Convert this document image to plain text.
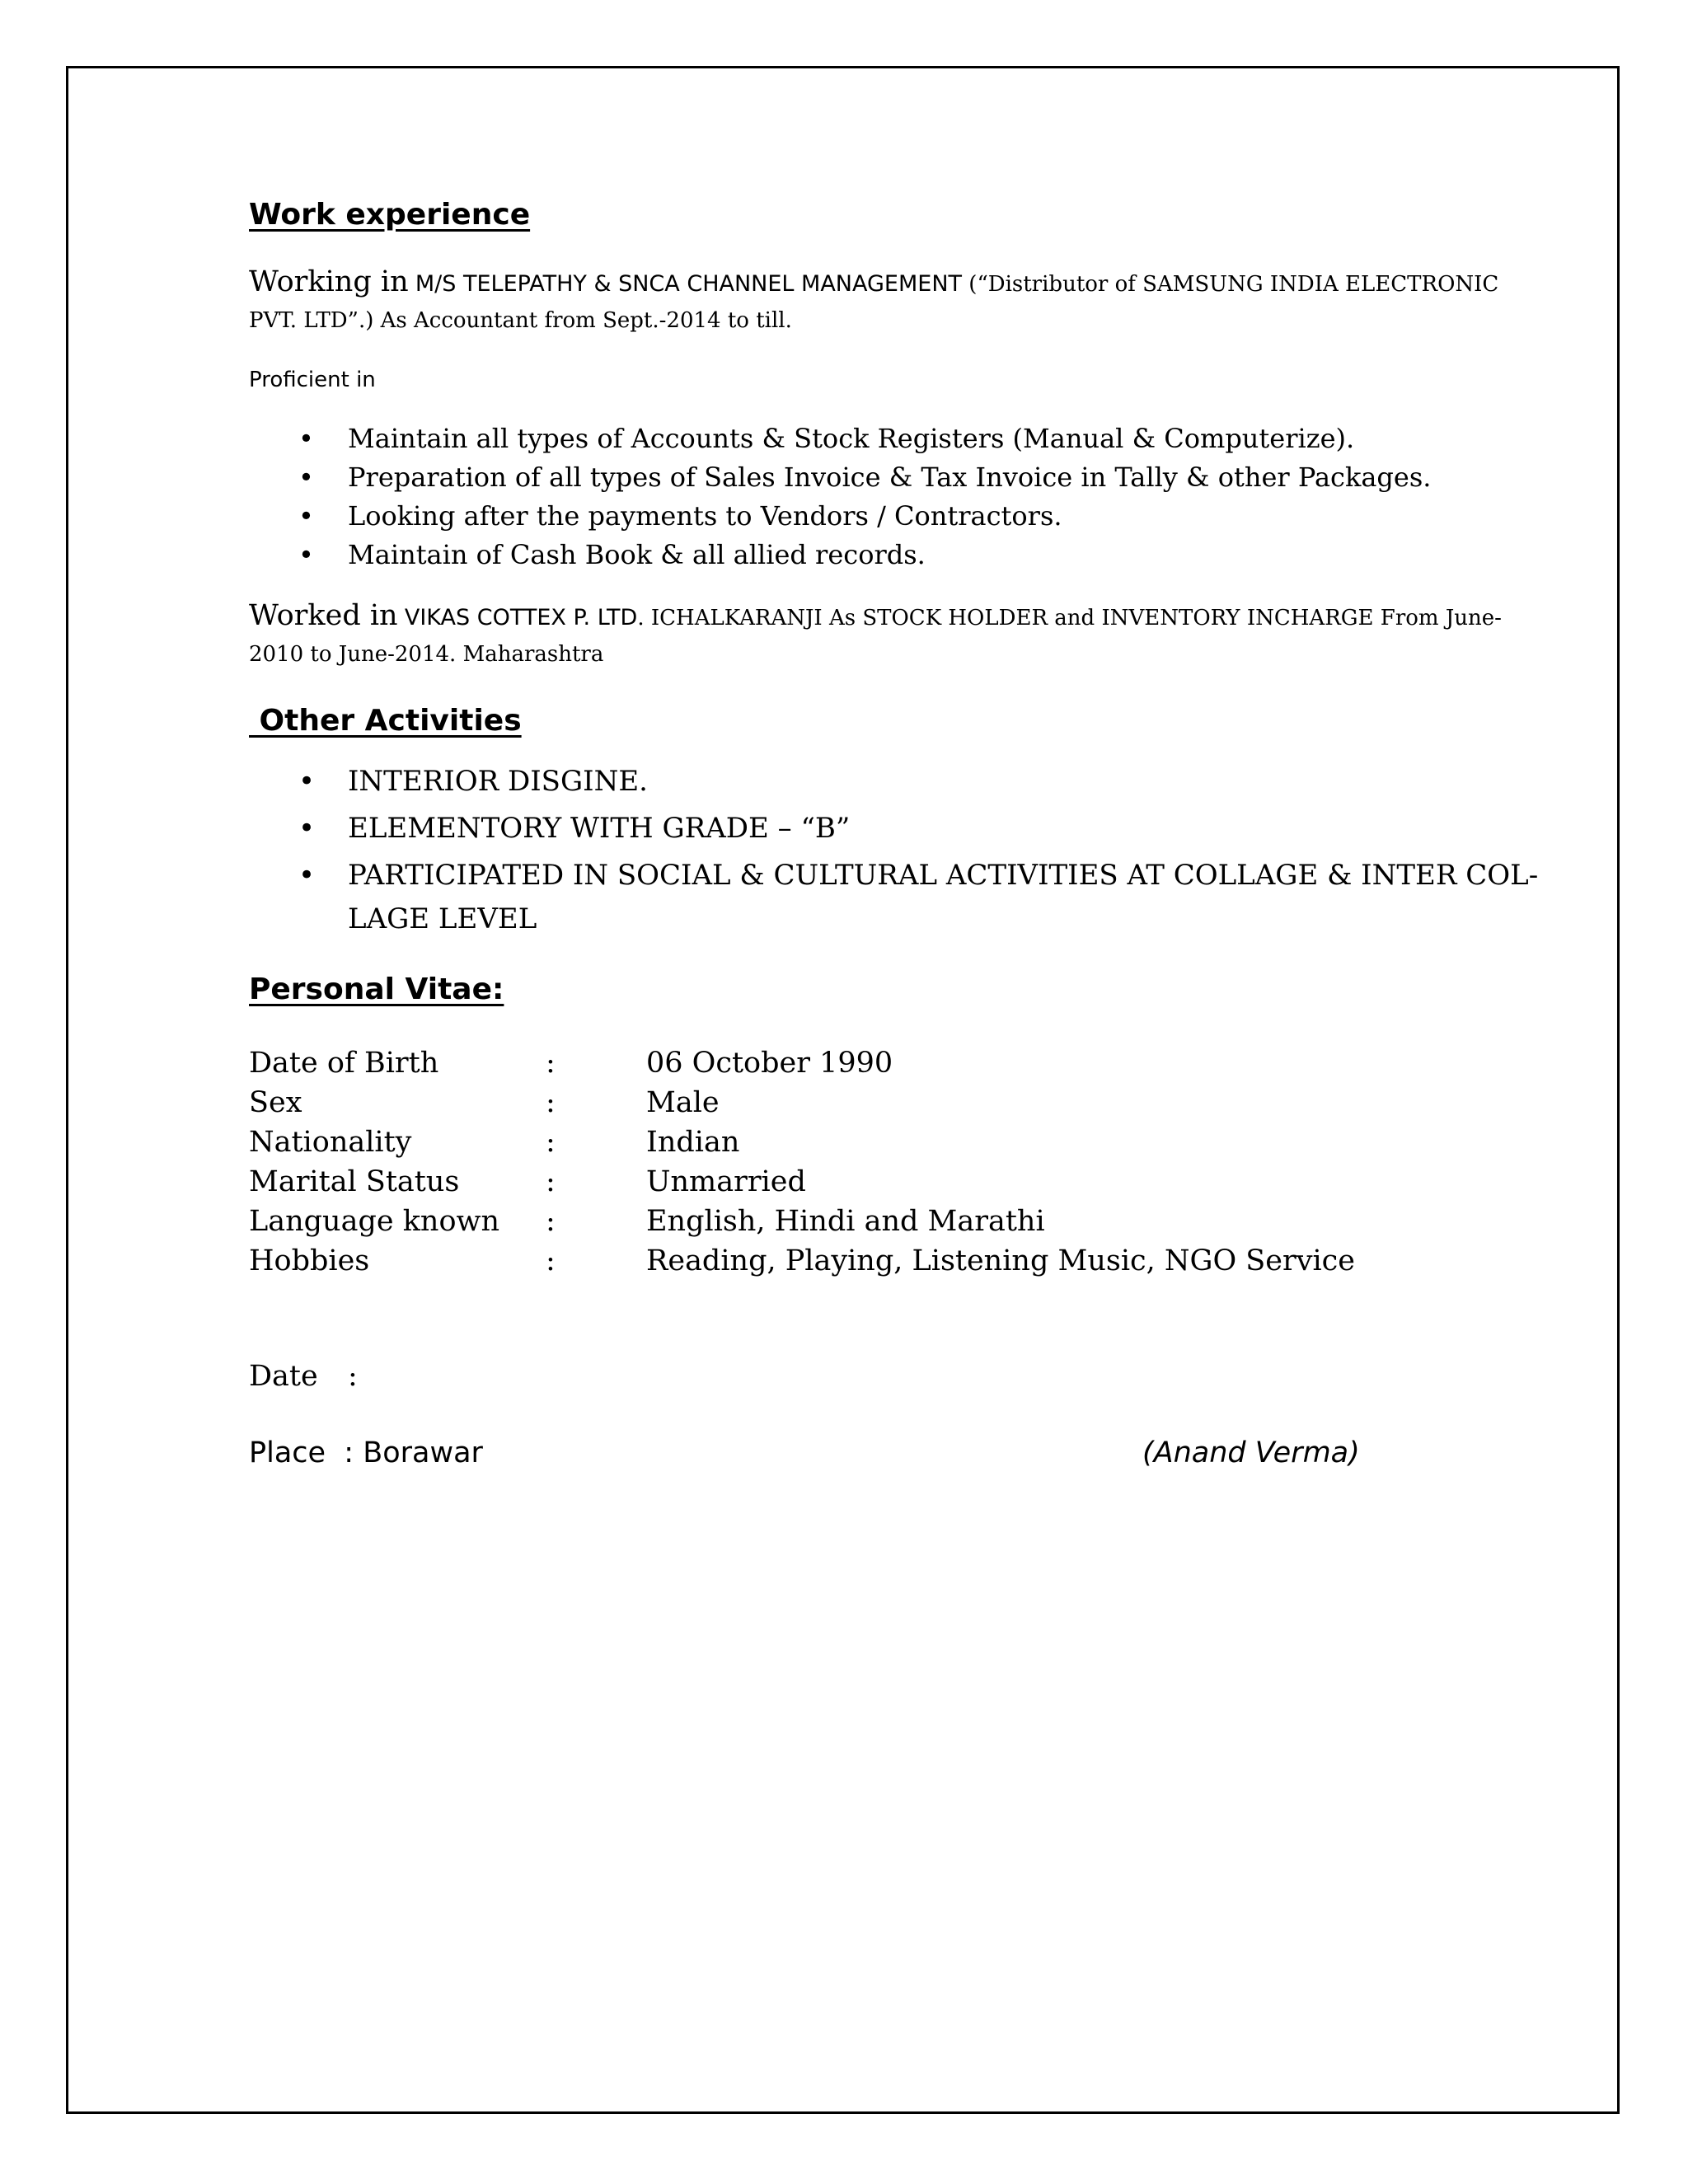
Work experience

Working in M/S TELEPATHY & SNCA CHANNEL MANAGEMENT (“Distributor of SAMSUNG INDIA ELECTRONIC PVT. LTD”.) As Accountant from Sept.-2014 to till.

Proficient in

• Maintain all types of Accounts & Stock Registers (Manual & Computerize).
• Preparation of all types of Sales Invoice & Tax Invoice in Tally & other Packages.
• Looking after the payments to Vendors / Contractors.
• Maintain of Cash Book & all allied records.

Worked in VIKAS COTTEX P. LTD. ICHALKARANJI As STOCK HOLDER and INVENTORY INCHARGE From June-2010 to June-2014. Maharashtra

Other Activities
• INTERIOR DISGINE.
• ELEMENTORY WITH GRADE – “B”
• PARTICIPATED IN SOCIAL & CULTURAL ACTIVITIES AT COLLAGE & INTER COL-LAGE LEVEL
Personal Vitae:
Date of Birth	:	06 October 1990
Sex	:	Male
Nationality	:	Indian
Marital Status	:	Unmarried
Language known	:	English, Hindi and Marathi
Hobbies	:	Reading, Playing, Listening Music, NGO Service
Date	:
Place  : Borawar	(Anand Verma)
